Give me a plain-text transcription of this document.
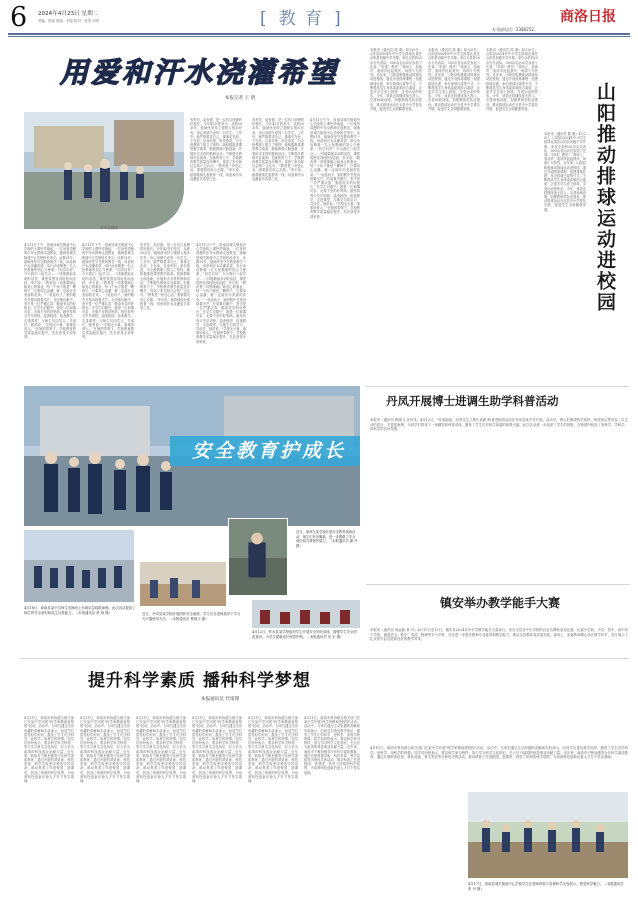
6 2024年4月23日 星期二
责编：郭伟 组版：刘星 校对：张莹 小明	[ 教 育 ]	商洛日报
专刊部电话：2386252
用爱和汗水浇灌希望
本报记者 王 倩
李平在校园
有责任，品有德，是一位有口皆碑的好校长。今年42岁的李平，从教20余年，她始终坚持立德树人根本任务，用心用情关爱每一名学生。工作中，她严格要求自己，事事走在前、干在前，以身作则，率先垂范，为全校教职工树立了榜样。她积极推进课堂教学改革，鼓励教师大胆创新，开展形式多样的教研活动，不断提升教师专业素养。在她的努力下，学校教育教学质量连年攀升，得到了家长和社会的广泛认可。"教育是一份良心活，需要我们用心去做。"李平说，她将继续扎根教育一线，用爱和汗水浇灌更多希望之花。
4月11日下午，洛南县城关街道中心学校的上课铃声响起，一位身材清瘦的中年女教师走进教室，她就是城关街道中心学校校长李平。从教31年，她始终坚守在教育教学一线，用爱和汗水浇灌希望，用行动诠释着一名人民教师的初心与使命。"同学们好！今天我们一起学习……"伴随着她亲切的话语，课堂氛围变得轻松而活跃。李平说："教育是一项需要耐心和爱心的事业，每一个孩子都是一颗种子，只要用心浇灌，就一定能开出美丽的花朵。"一说起孩子，她的眼中总是闪烁着光芒。在同事们眼中，李平是一位严谨认真、勤奋务实的好校长；在学生们眼中，她是一位和蔼可亲、无微不至的好妈妈。她坚持每天早早到校，巡查校园、检查教学、走进课堂，与师生们同学习、共成长。她常说："学校无小事，事事皆育人。"在她的带领下，学校教育教学质量稳步提升，先后获得多项荣誉。
4月11日下午，洛南县城关街道中心学校的上课铃声响起，一位身材清瘦的中年女教师走进教室，她就是城关街道中心学校校长李平。从教31年，她始终坚守在教育教学一线，用爱和汗水浇灌希望，用行动诠释着一名人民教师的初心与使命。"同学们好！今天我们一起学习……"伴随着她亲切的话语，课堂氛围变得轻松而活跃。李平说："教育是一项需要耐心和爱心的事业，每一个孩子都是一颗种子，只要用心浇灌，就一定能开出美丽的花朵。"一说起孩子，她的眼中总是闪烁着光芒。在同事们眼中，李平是一位严谨认真、勤奋务实的好校长；在学生们眼中，她是一位和蔼可亲、无微不至的好妈妈。她坚持每天早早到校，巡查校园、检查教学、走进课堂，与师生们同学习、共成长。她常说："学校无小事，事事皆育人。"在她的带领下，学校教育教学质量稳步提升，先后获得多项荣誉。
有责任，品有德，是一位有口皆碑的好校长。今年42岁的李平，从教20余年，她始终坚持立德树人根本任务，用心用情关爱每一名学生。工作中，她严格要求自己，事事走在前、干在前，以身作则，率先垂范，为全校教职工树立了榜样。她积极推进课堂教学改革，鼓励教师大胆创新，开展形式多样的教研活动，不断提升教师专业素养。在她的努力下，学校教育教学质量连年攀升，得到了家长和社会的广泛认可。"教育是一份良心活，需要我们用心去做。"李平说，她将继续扎根教育一线，用爱和汗水浇灌更多希望之花。
4月11日下午，洛南县城关街道中心学校的上课铃声响起，一位身材清瘦的中年女教师走进教室，她就是城关街道中心学校校长李平。从教31年，她始终坚守在教育教学一线，用爱和汗水浇灌希望，用行动诠释着一名人民教师的初心与使命。"同学们好！今天我们一起学习……"伴随着她亲切的话语，课堂氛围变得轻松而活跃。李平说："教育是一项需要耐心和爱心的事业，每一个孩子都是一颗种子，只要用心浇灌，就一定能开出美丽的花朵。"一说起孩子，她的眼中总是闪烁着光芒。在同事们眼中，李平是一位严谨认真、勤奋务实的好校长；在学生们眼中，她是一位和蔼可亲、无微不至的好妈妈。她坚持每天早早到校，巡查校园、检查教学、走进课堂，与师生们同学习、共成长。她常说："学校无小事，事事皆育人。"在她的带领下，学校教育教学质量稳步提升，先后获得多项荣誉。
有责任，品有德，是一位有口皆碑的好校长。今年42岁的李平，从教20余年，她始终坚持立德树人根本任务，用心用情关爱每一名学生。工作中，她严格要求自己，事事走在前、干在前，以身作则，率先垂范，为全校教职工树立了榜样。她积极推进课堂教学改革，鼓励教师大胆创新，开展形式多样的教研活动，不断提升教师专业素养。在她的努力下，学校教育教学质量连年攀升，得到了家长和社会的广泛认可。"教育是一份良心活，需要我们用心去做。"李平说，她将继续扎根教育一线，用爱和汗水浇灌更多希望之花。
4月11日下午，洛南县城关街道中心学校的上课铃声响起，一位身材清瘦的中年女教师走进教室，她就是城关街道中心学校校长李平。从教31年，她始终坚守在教育教学一线，用爱和汗水浇灌希望，用行动诠释着一名人民教师的初心与使命。"同学们好！今天我们一起学习……"伴随着她亲切的话语，课堂氛围变得轻松而活跃。李平说："教育是一项需要耐心和爱心的事业，每一个孩子都是一颗种子，只要用心浇灌，就一定能开出美丽的花朵。"一说起孩子，她的眼中总是闪烁着光芒。在同事们眼中，李平是一位严谨认真、勤奋务实的好校长；在学生们眼中，她是一位和蔼可亲、无微不至的好妈妈。她坚持每天早早到校，巡查校园、检查教学、走进课堂，与师生们同学习、共成长。她常说："学校无小事，事事皆育人。"在她的带领下，学校教育教学质量稳步提升，先后获得多项荣誉。
本报讯（通讯员 陈 康）4月20日，山阳县2024年中小学生排球比赛在山阳县初级中学开幕。来自全县的20余支代表队、300余名运动员参加了比赛。"好球！漂亮！"赛场上，加油声、欢呼声此起彼伏，场面十分热烈。近年来，山阳县积极推动排球运动进校园，通过开设排球课程、组建排球社团、举办排球比赛等方式，不断提高学生身体素质和综合素质，让更多学生爱上排球、享受运动的快乐。今年，该县还将继续加大投入，完善场地设施，加强教练员队伍建设，推动排球运动在全县中小学普及开展，促进学生全面健康发展。
本报讯（通讯员 陈 康）4月20日，山阳县2024年中小学生排球比赛在山阳县初级中学开幕。来自全县的20余支代表队、300余名运动员参加了比赛。"好球！漂亮！"赛场上，加油声、欢呼声此起彼伏，场面十分热烈。近年来，山阳县积极推动排球运动进校园，通过开设排球课程、组建排球社团、举办排球比赛等方式，不断提高学生身体素质和综合素质，让更多学生爱上排球、享受运动的快乐。今年，该县还将继续加大投入，完善场地设施，加强教练员队伍建设，推动排球运动在全县中小学普及开展，促进学生全面健康发展。
本报讯（通讯员 陈 康）4月20日，山阳县2024年中小学生排球比赛在山阳县初级中学开幕。来自全县的20余支代表队、300余名运动员参加了比赛。"好球！漂亮！"赛场上，加油声、欢呼声此起彼伏，场面十分热烈。近年来，山阳县积极推动排球运动进校园，通过开设排球课程、组建排球社团、举办排球比赛等方式，不断提高学生身体素质和综合素质，让更多学生爱上排球、享受运动的快乐。今年，该县还将继续加大投入，完善场地设施，加强教练员队伍建设，推动排球运动在全县中小学普及开展，促进学生全面健康发展。
本报讯（通讯员 陈 康）4月20日，山阳县2024年中小学生排球比赛在山阳县初级中学开幕。来自全县的20余支代表队、300余名运动员参加了比赛。"好球！漂亮！"赛场上，加油声、欢呼声此起彼伏，场面十分热烈。近年来，山阳县积极推动排球运动进校园，通过开设排球课程、组建排球社团、举办排球比赛等方式，不断提高学生身体素质和综合素质，让更多学生爱上排球、享受运动的快乐。今年，该县还将继续加大投入，完善场地设施，加强教练员队伍建设，推动排球运动在全县中小学普及开展，促进学生全面健康发展。	山阳推动排球运动进校园
丹凤开展博士进调生助学科普活动
本报讯（通讯员 程晓飞 宋丹凤）4月12日，"传承丽瑶，经常往生之博士高新"科普进校园活动在丹凤县某中学开展。活动中，博士们围绕科学知识、科技前沿等内容，以生动的语言、丰富的案例，为同学们带来了一场精彩的科普讲座，激发了学生们对科学探索的浓厚兴趣。此次活动进一步拓宽了学生的视野，在校园内营造了爱科学、学科学、用科学的良好氛围。
镇安举办教学能手大赛
本报讯（通讯员 杨远新 黄 丹）4月13日至15日，镇安县2024年中小学教学能手大赛举行。来自全县各中小学校的百余名教师参加比赛。比赛分学前、小学、初中、高中四个学段，涵盖语文、数学、英语、物理等多个学科，旨在进一步提升教师专业素养和教学能力，推动全县教育高质量发展。赛场上，参赛教师精心设计教学环节，充分展示了扎实的专业功底和良好的教学风采。
安全教育护成长
近日，商州区某学校开展安全教育演练活动，师生们有序撤离，进一步增强了安全意识和自我保护能力。（本报通讯员 谢 丹 摄）
4月18日，商南县某小学师生在操场上开展应急疏散演练。此次活动提高了师生的安全意识和逃生自救能力。（本报通讯员 舒 雨 摄）	近日，丹凤县某学校开展消防安全演练，学生们在老师指导下学习灭火器使用方法。（本报通讯员 曹瑞丰 摄）
4月12日，柞水县某学校组织学生开展安全知识讲座，增强学生安全防范意识，为学生健康成长保驾护航。（本报通讯员 吴 宏 摄）
提升科学素质 播种科学梦想
本报通讯员 代靖翔
4月11日，商洛市科协联合相关部门在某中学开展"科学家精神进校园"活动。活动中，专家们通过生动有趣的讲解和实验演示，向同学们普及科学知识，激发了学生们学科学、爱科学、用科学的热情。同学们纷纷表示，要以科学家为榜样，努力学习科学文化知识，长大后为祖国的科技事业贡献力量。近年来，商洛市不断加强青少年科学素质教育，通过开展科普讲座、科技竞赛、科学实验等多种形式的活动，推动科普工作进校园、进课堂，营造了浓厚的科学氛围，为培养科技创新后备人才打下坚实基础。
4月11日，商洛市科协联合相关部门在某中学开展"科学家精神进校园"活动。活动中，专家们通过生动有趣的讲解和实验演示，向同学们普及科学知识，激发了学生们学科学、爱科学、用科学的热情。同学们纷纷表示，要以科学家为榜样，努力学习科学文化知识，长大后为祖国的科技事业贡献力量。近年来，商洛市不断加强青少年科学素质教育，通过开展科普讲座、科技竞赛、科学实验等多种形式的活动，推动科普工作进校园、进课堂，营造了浓厚的科学氛围，为培养科技创新后备人才打下坚实基础。
4月11日，商洛市科协联合相关部门在某中学开展"科学家精神进校园"活动。活动中，专家们通过生动有趣的讲解和实验演示，向同学们普及科学知识，激发了学生们学科学、爱科学、用科学的热情。同学们纷纷表示，要以科学家为榜样，努力学习科学文化知识，长大后为祖国的科技事业贡献力量。近年来，商洛市不断加强青少年科学素质教育，通过开展科普讲座、科技竞赛、科学实验等多种形式的活动，推动科普工作进校园、进课堂，营造了浓厚的科学氛围，为培养科技创新后备人才打下坚实基础。
4月11日，商洛市科协联合相关部门在某中学开展"科学家精神进校园"活动。活动中，专家们通过生动有趣的讲解和实验演示，向同学们普及科学知识，激发了学生们学科学、爱科学、用科学的热情。同学们纷纷表示，要以科学家为榜样，努力学习科学文化知识，长大后为祖国的科技事业贡献力量。近年来，商洛市不断加强青少年科学素质教育，通过开展科普讲座、科技竞赛、科学实验等多种形式的活动，推动科普工作进校园、进课堂，营造了浓厚的科学氛围，为培养科技创新后备人才打下坚实基础。
4月11日，商洛市科协联合相关部门在某中学开展"科学家精神进校园"活动。活动中，专家们通过生动有趣的讲解和实验演示，向同学们普及科学知识，激发了学生们学科学、爱科学、用科学的热情。同学们纷纷表示，要以科学家为榜样，努力学习科学文化知识，长大后为祖国的科技事业贡献力量。近年来，商洛市不断加强青少年科学素质教育，通过开展科普讲座、科技竞赛、科学实验等多种形式的活动，推动科普工作进校园、进课堂，营造了浓厚的科学氛围，为培养科技创新后备人才打下坚实基础。
4月11日，商洛市科协联合相关部门在某中学开展"科学家精神进校园"活动。活动中，专家们通过生动有趣的讲解和实验演示，向同学们普及科学知识，激发了学生们学科学、爱科学、用科学的热情。同学们纷纷表示，要以科学家为榜样，努力学习科学文化知识，长大后为祖国的科技事业贡献力量。近年来，商洛市不断加强青少年科学素质教育，通过开展科普讲座、科技竞赛、科学实验等多种形式的活动，推动科普工作进校园、进课堂，营造了浓厚的科学氛围，为培养科技创新后备人才打下坚实基础。
4月11日，商洛市科协联合相关部门在某中学开展"科学家精神进校园"活动。活动中，专家们通过生动有趣的讲解和实验演示，向同学们普及科学知识，激发了学生们学科学、爱科学、用科学的热情。同学们纷纷表示，要以科学家为榜样，努力学习科学文化知识，长大后为祖国的科技事业贡献力量。近年来，商洛市不断加强青少年科学素质教育，通过开展科普讲座、科技竞赛、科学实验等多种形式的活动，推动科普工作进校园、进课堂，营造了浓厚的科学氛围，为培养科技创新后备人才打下坚实基础。
4月17日，洛南县城关街道中心学校学生在老师带领下参观科学实验展示，感受科学魅力。（本报通讯员 张 丹 摄）
